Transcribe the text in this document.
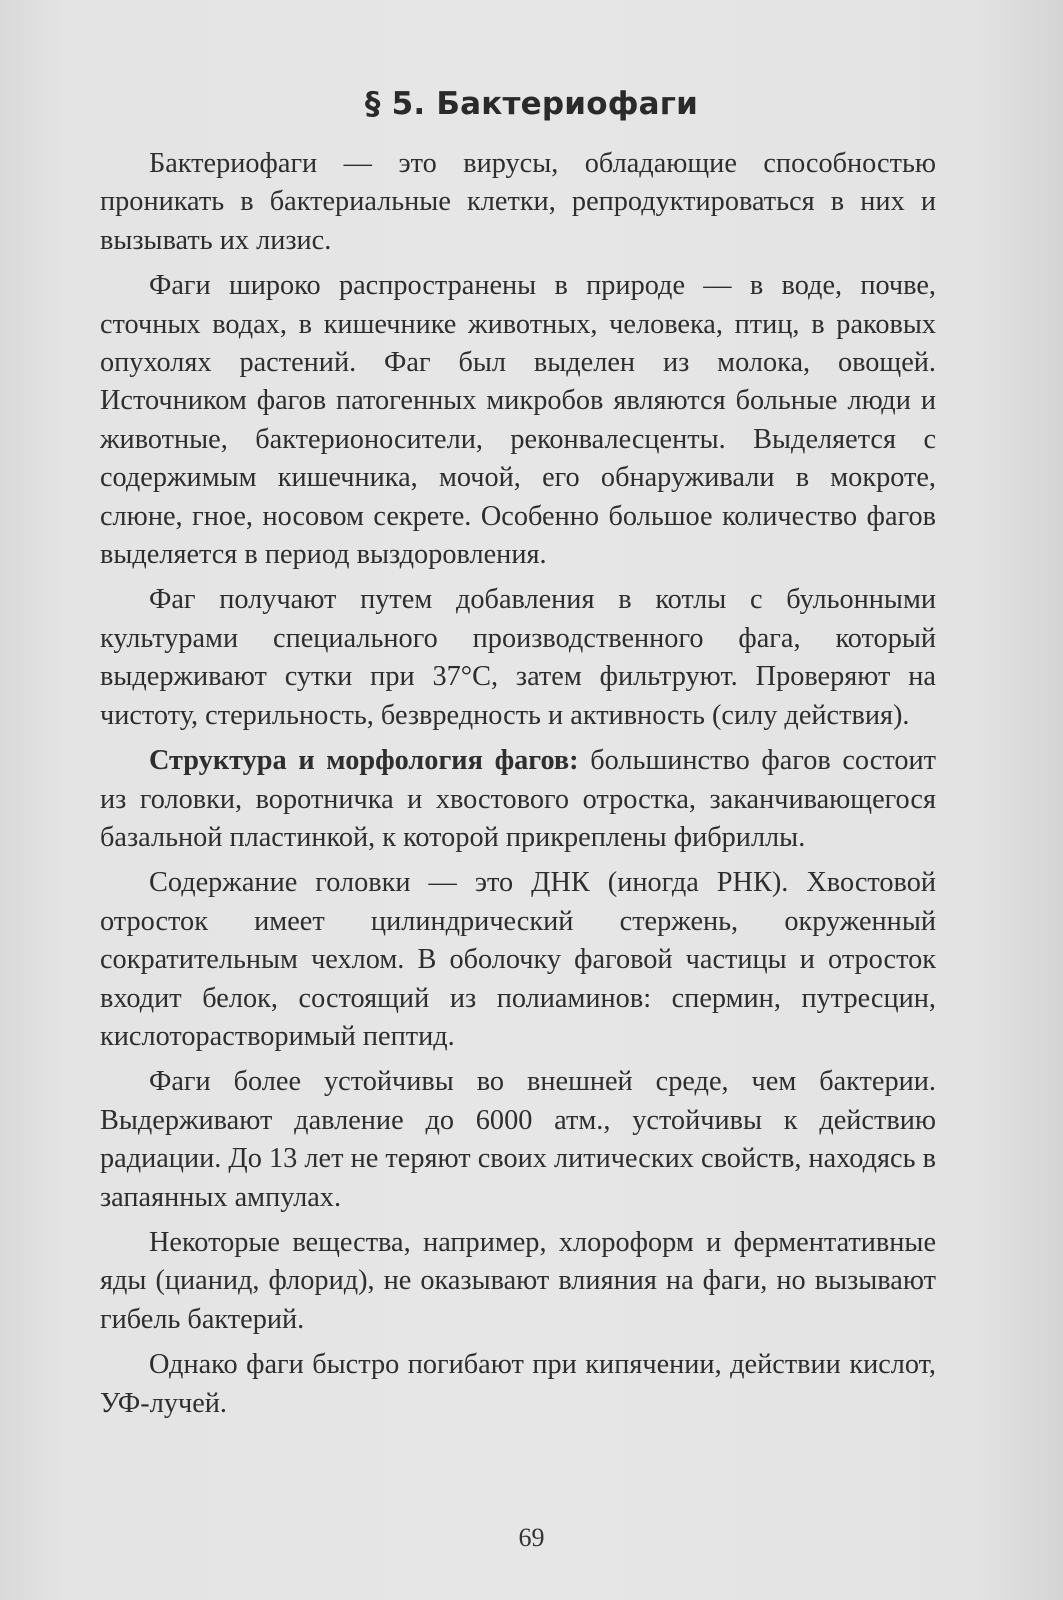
§ 5. Бактериофаги

Бактериофаги — это вирусы, обладающие способностью проникать в бактериальные клетки, репродуктироваться в них и вызывать их лизис.

Фаги широко распространены в природе — в воде, почве, сточных водах, в кишечнике животных, человека, птиц, в раковых опухолях растений. Фаг был выделен из молока, овощей. Источником фагов патогенных микробов являются больные люди и животные, бактерионосители, реконвалесценты. Выделяется с содержимым кишечника, мочой, его обнаруживали в мокроте, слюне, гное, носовом секрете. Особенно большое количество фагов выделяется в период выздоровления.

Фаг получают путем добавления в котлы с бульонными культурами специального производственного фага, который выдерживают сутки при 37°С, затем фильтруют. Проверяют на чистоту, стерильность, безвредность и активность (силу действия).

Структура и морфология фагов: большинство фагов состоит из головки, воротничка и хвостового отростка, заканчивающегося базальной пластинкой, к которой прикреплены фибриллы.

Содержание головки — это ДНК (иногда РНК). Хвостовой отросток имеет цилиндрический стержень, окруженный сократительным чехлом. В оболочку фаговой частицы и отросток входит белок, состоящий из полиаминов: спермин, путресцин, кислоторастворимый пептид.

Фаги более устойчивы во внешней среде, чем бактерии. Выдерживают давление до 6000 атм., устойчивы к действию радиации. До 13 лет не теряют своих литических свойств, находясь в запаянных ампулах.

Некоторые вещества, например, хлороформ и ферментативные яды (цианид, флорид), не оказывают влияния на фаги, но вызывают гибель бактерий.

Однако фаги быстро погибают при кипячении, действии кислот, УФ-лучей.

69
